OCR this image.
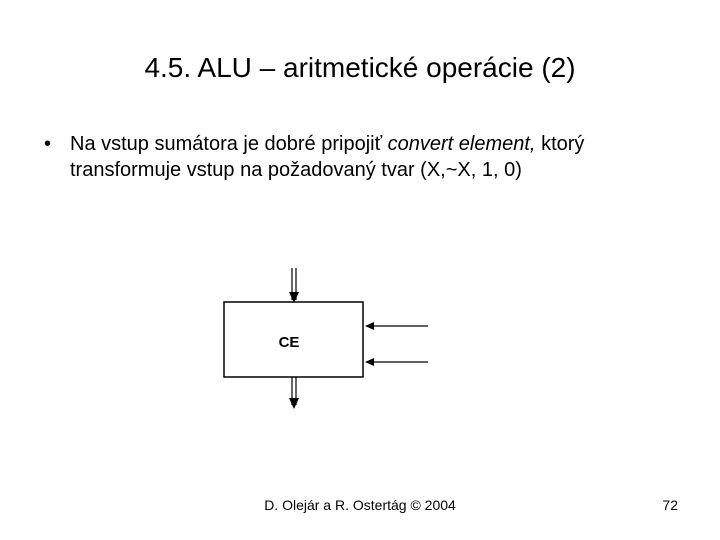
4.5. ALU – aritmetické operácie (2)
• Na vstup sumátora je dobré pripojiť convert element, ktorý transformuje vstup na požadovaný tvar (X,~X, 1, 0)
CE
D. Olejár a R. Ostertág © 2004	72
